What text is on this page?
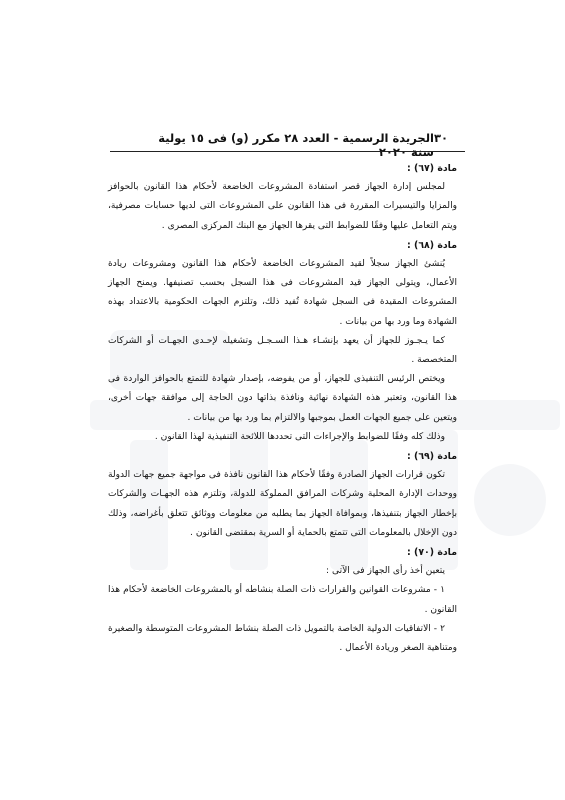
٣٠
الجريدة الرسمية - العدد ٢٨ مكرر (و) فى ١٥ يولية سنة ٢٠٢٠

مادة (٦٧) :

لمجلس إدارة الجهاز قصر استفادة المشروعات الخاضعة لأحكام هذا القانون بالحوافز والمزايا والتيسيرات المقررة فى هذا القانون على المشروعات التى لديها حسابات مصرفية، ويتم التعامل عليها وفقًا للضوابط التى يقرها الجهاز مع البنك المركزى المصرى .

مادة (٦٨) :

يُنشئ الجهاز سجلاً لقيد المشروعات الخاضعة لأحكام هذا القانون ومشروعات ريادة الأعمال، ويتولى الجهاز قيد المشروعات فى هذا السجل بحسب تصنيفها. ويمنح الجهاز المشروعات المقيدة فى السجل شهادة تُفيد ذلك، وتلتزم الجهات الحكومية بالاعتداد بهذه الشهادة وما ورد بها من بيانات .

كما يـجـوز للجهاز أن يعهد بإنشـاء هـذا السـجـل وتشغيله لإحـدى الجهـات أو الشركات المتخصصة .

ويختص الرئيس التنفيذى للجهاز، أو من يفوضه، بإصدار شهادة للتمتع بالحوافز الواردة فى هذا القانون، وتعتبر هذه الشهادة نهائية ونافذة بذاتها دون الحاجة إلى موافقة جهات أخرى، ويتعين على جميع الجهات العمل بموجبها والالتزام بما ورد بها من بيانات .

وذلك كله وفقًا للضوابط والإجراءات التى تحددها اللائحة التنفيذية لهذا القانون .

مادة (٦٩) :

تكون قرارات الجهاز الصادرة وفقًا لأحكام هذا القانون نافذة فى مواجهة جميع جهات الدولة ووحدات الإدارة المحلية وشركات المرافق المملوكة للدولة، وتلتزم هذه الجهـات والشركات بإخطار الجهاز بتنفيذها، وبموافاة الجهاز بما يطلبه من معلومات ووثائق تتعلق بأغراضه، وذلك دون الإخلال بالمعلومات التى تتمتع بالحماية أو السرية بمقتضى القانون .

مادة (٧٠) :

يتعين أخذ رأى الجهاز فى الآتى :

١ - مشروعات القوانين والقرارات ذات الصلة بنشاطه أو بالمشروعات الخاضعة لأحكام هذا القانون .

٢ - الاتفاقيات الدولية الخاصة بالتمويل ذات الصلة بنشاط المشروعات المتوسطة والصغيرة ومتناهية الصغر وريادة الأعمال .
